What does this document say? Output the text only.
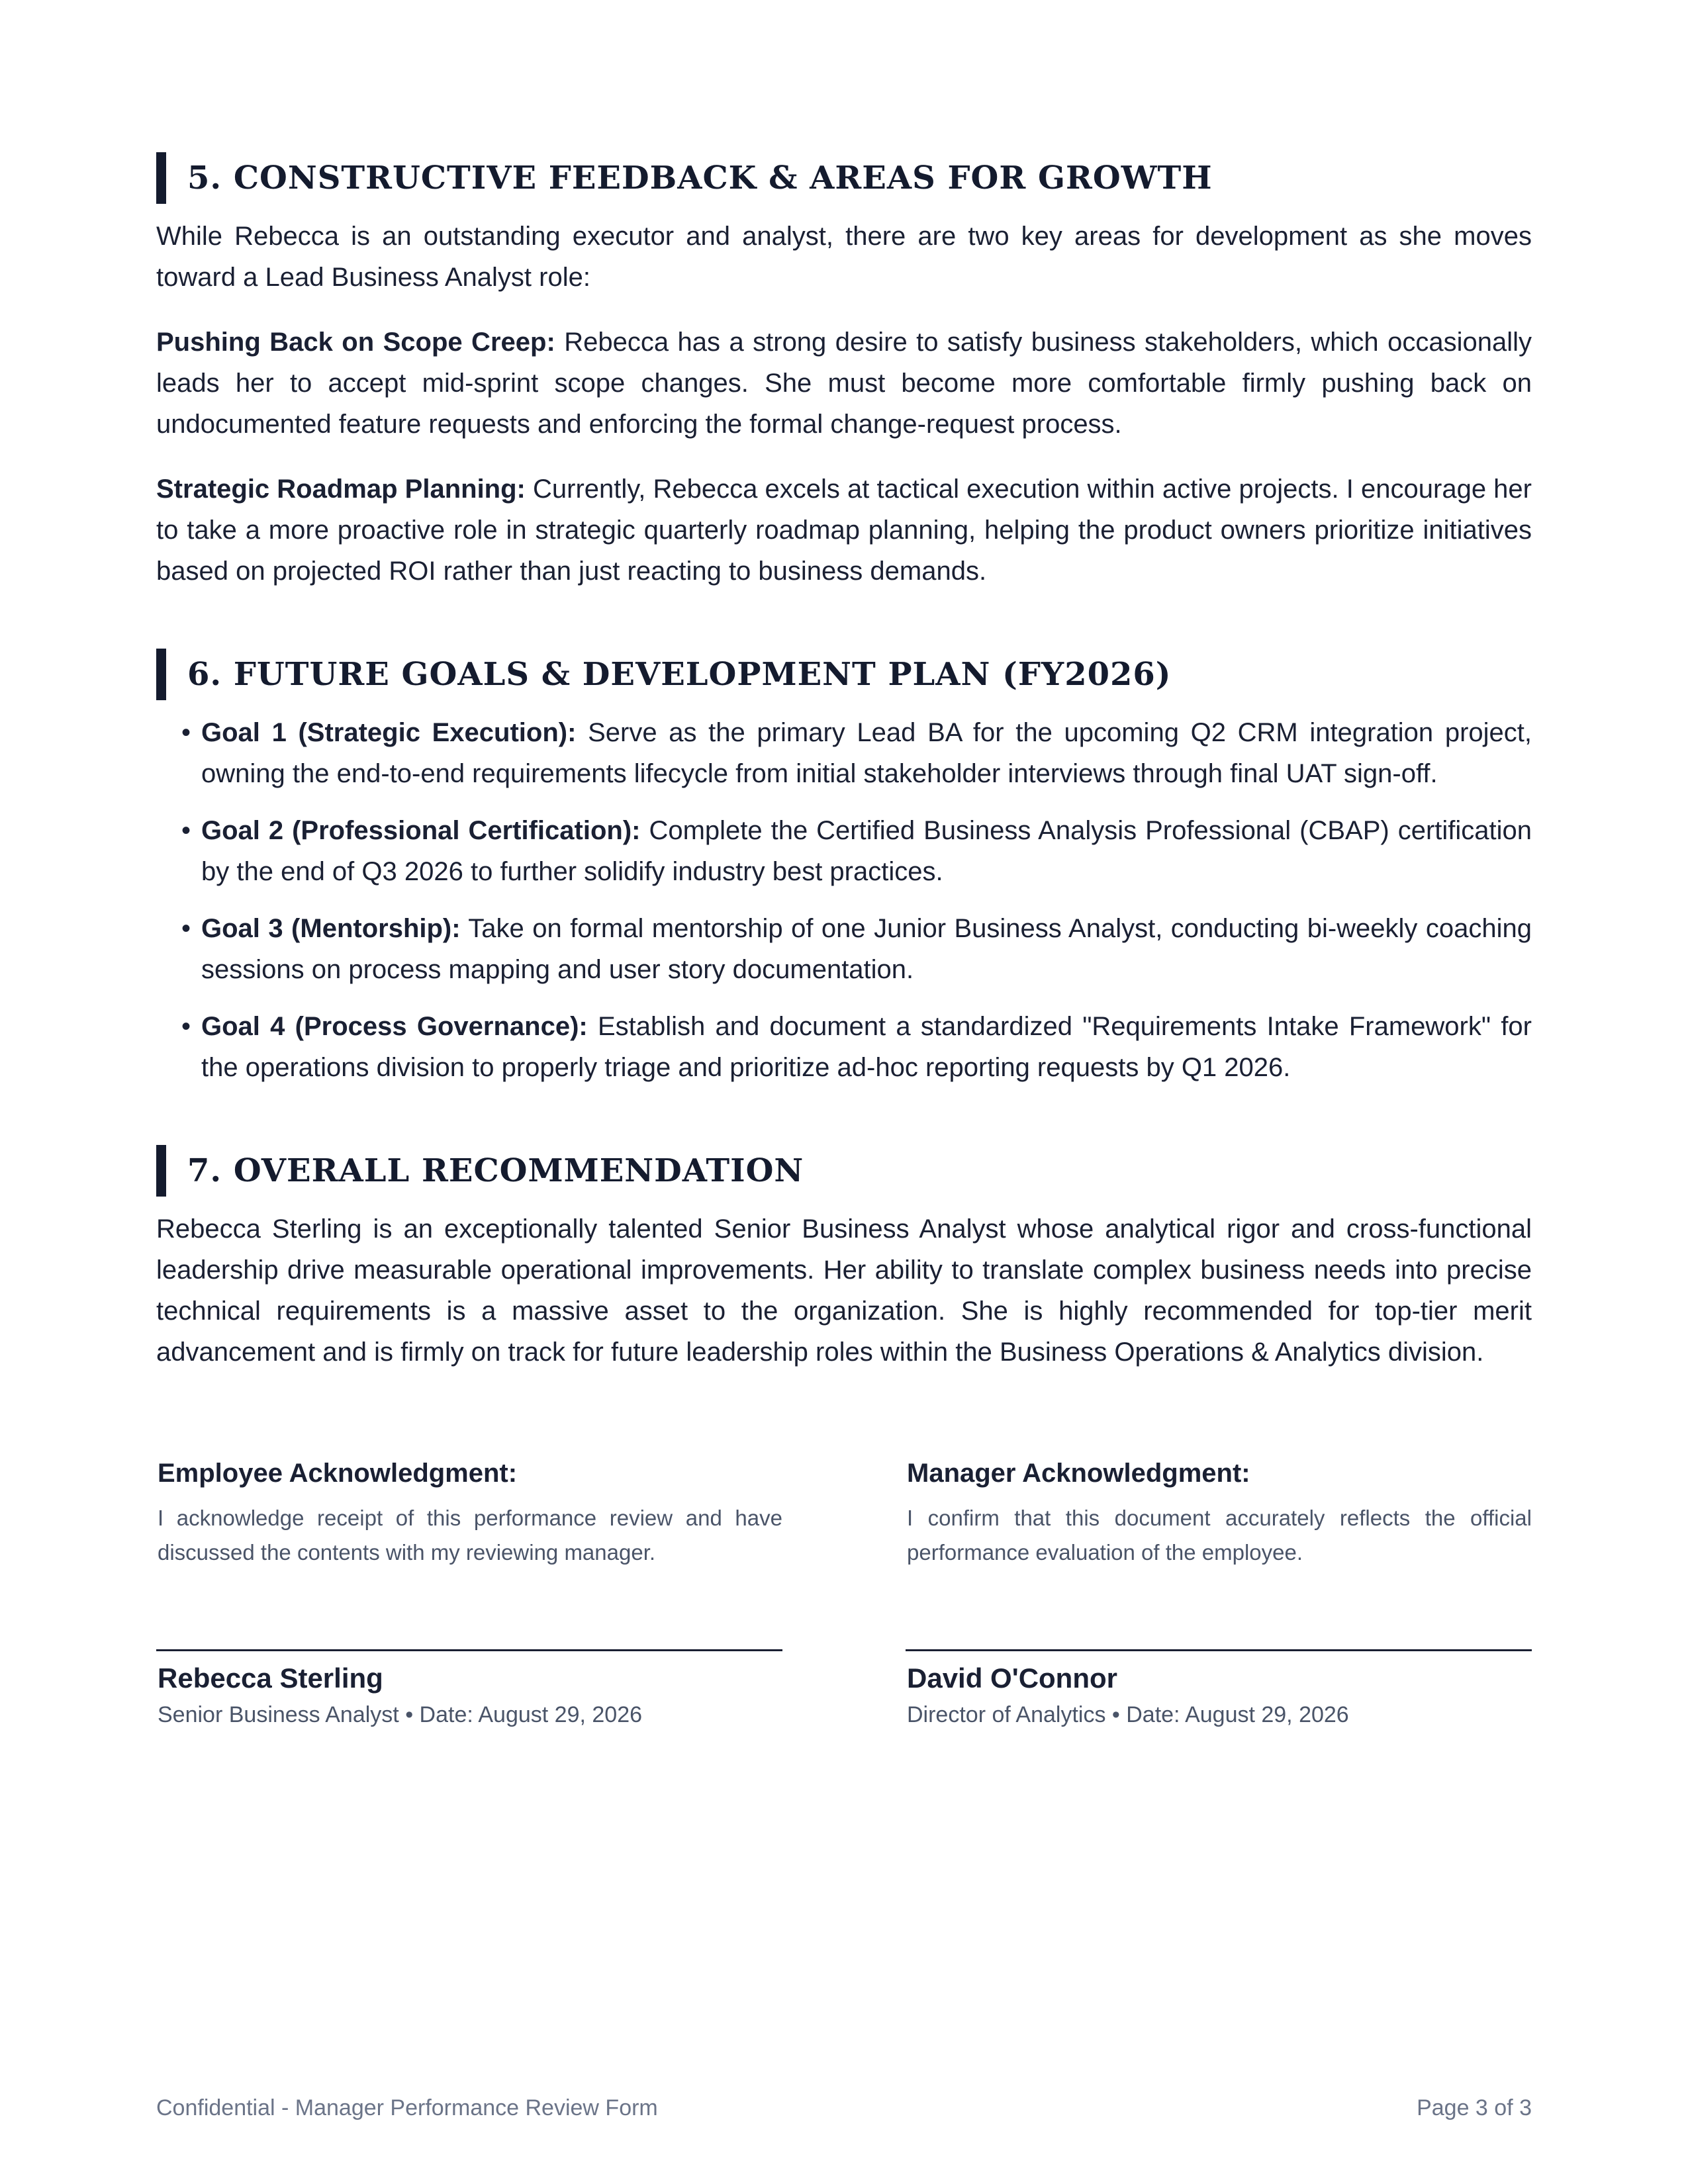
5. CONSTRUCTIVE FEEDBACK & AREAS FOR GROWTH

While Rebecca is an outstanding executor and analyst, there are two key areas for development as she moves toward a Lead Business Analyst role:

Pushing Back on Scope Creep: Rebecca has a strong desire to satisfy business stakeholders, which occasionally leads her to accept mid-sprint scope changes. She must become more comfortable firmly pushing back on undocumented feature requests and enforcing the formal change-request process.

Strategic Roadmap Planning: Currently, Rebecca excels at tactical execution within active projects. I encourage her to take a more proactive role in strategic quarterly roadmap planning, helping the product owners prioritize initiatives based on projected ROI rather than just reacting to business demands.

6. FUTURE GOALS & DEVELOPMENT PLAN (FY2026)
• Goal 1 (Strategic Execution): Serve as the primary Lead BA for the upcoming Q2 CRM integration project, owning the end-to-end requirements lifecycle from initial stakeholder interviews through final UAT sign-off.
• Goal 2 (Professional Certification): Complete the Certified Business Analysis Professional (CBAP) certification by the end of Q3 2026 to further solidify industry best practices.
• Goal 3 (Mentorship): Take on formal mentorship of one Junior Business Analyst, conducting bi-weekly coaching sessions on process mapping and user story documentation.
• Goal 4 (Process Governance): Establish and document a standardized "Requirements Intake Framework" for the operations division to properly triage and prioritize ad-hoc reporting requests by Q1 2026.
7. OVERALL RECOMMENDATION

Rebecca Sterling is an exceptionally talented Senior Business Analyst whose analytical rigor and cross-functional leadership drive measurable operational improvements. Her ability to translate complex business needs into precise technical requirements is a massive asset to the organization. She is highly recommended for top-tier merit advancement and is firmly on track for future leadership roles within the Business Operations & Analytics division.

Employee Acknowledgment:

I acknowledge receipt of this performance review and have discussed the contents with my reviewing manager.

Rebecca Sterling

Senior Business Analyst • Date: August 29, 2026

Manager Acknowledgment:

I confirm that this document accurately reflects the official performance evaluation of the employee.

David O'Connor

Director of Analytics • Date: August 29, 2026

Confidential - Manager Performance Review Form	Page 3 of 3
